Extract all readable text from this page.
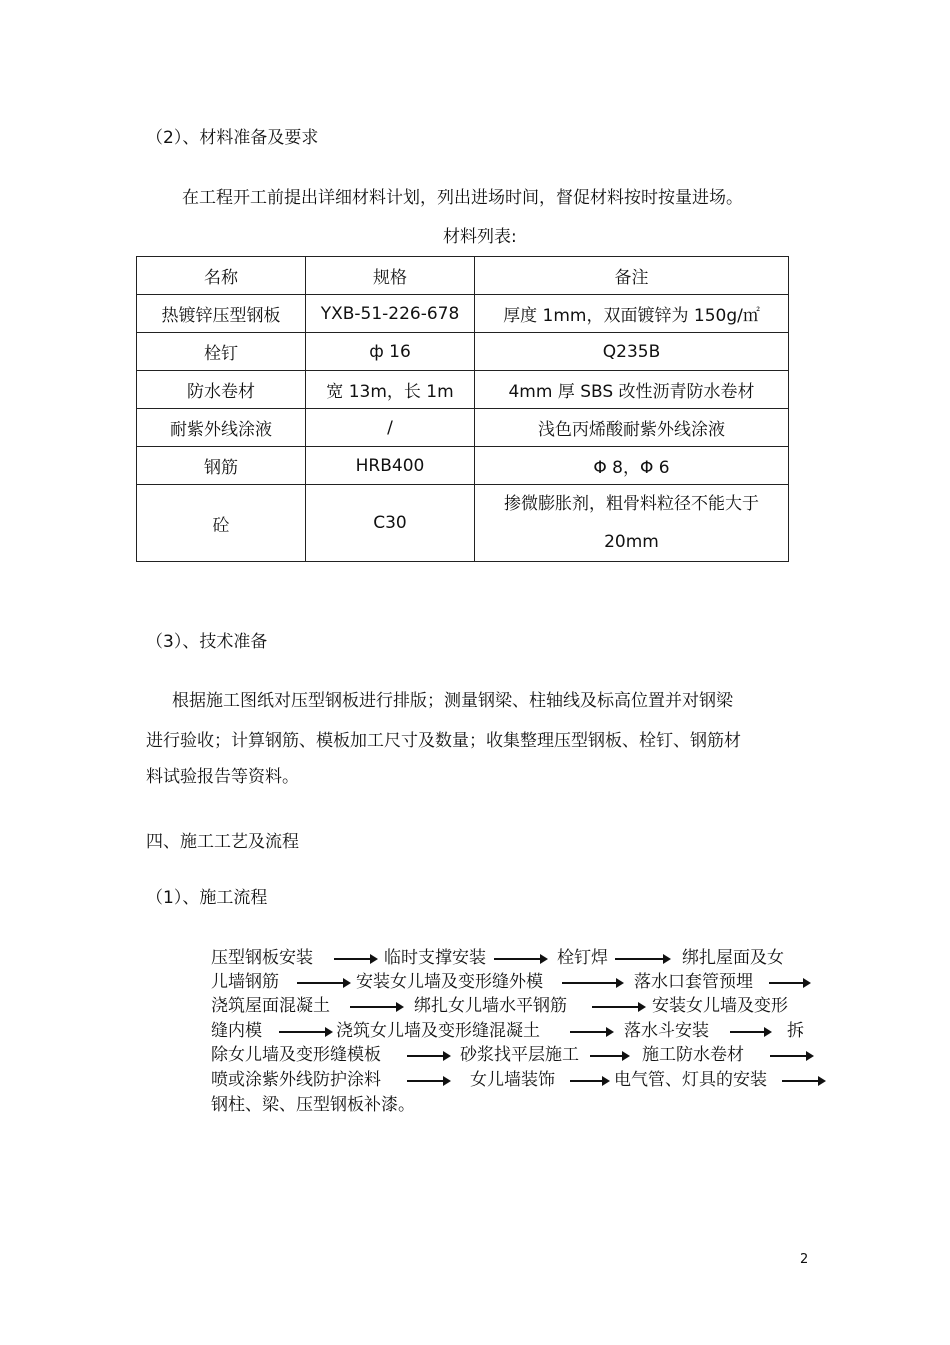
（2）、材料准备及要求
在工程开工前提出详细材料计划，列出进场时间，督促材料按时按量进场。
材料列表:
名称	规格	备注
热镀锌压型钢板	YXB-51-226-678	厚度 1mm，双面镀锌为 150g/㎡
栓钉	ф 16	Q235B
防水卷材	宽 13m，长 1m	4mm 厚 SBS 改性沥青防水卷材
耐紫外线涂液	/	浅色丙烯酸耐紫外线涂液
钢筋	HRB400	Φ 8，Φ 6
砼	C30	掺微膨胀剂，粗骨料粒径不能大于
20mm
（3）、技术准备
根据施工图纸对压型钢板进行排版；测量钢梁、柱轴线及标高位置并对钢梁
进行验收；计算钢筋、模板加工尺寸及数量；收集整理压型钢板、栓钉、钢筋材
料试验报告等资料。
四、施工工艺及流程
（1）、施工流程
压型钢板安装	临时支撑安装	栓钉焊	绑扎屋面及女
儿墙钢筋	安装女儿墙及变形缝外模	落水口套管预埋
浇筑屋面混凝土	绑扎女儿墙水平钢筋	安装女儿墙及变形
缝内模	浇筑女儿墙及变形缝混凝土	落水斗安装	拆
除女儿墙及变形缝模板	砂浆找平层施工	施工防水卷材
喷或涂紫外线防护涂料	女儿墙装饰	电气管、灯具的安装
钢柱、梁、压型钢板补漆。
2
